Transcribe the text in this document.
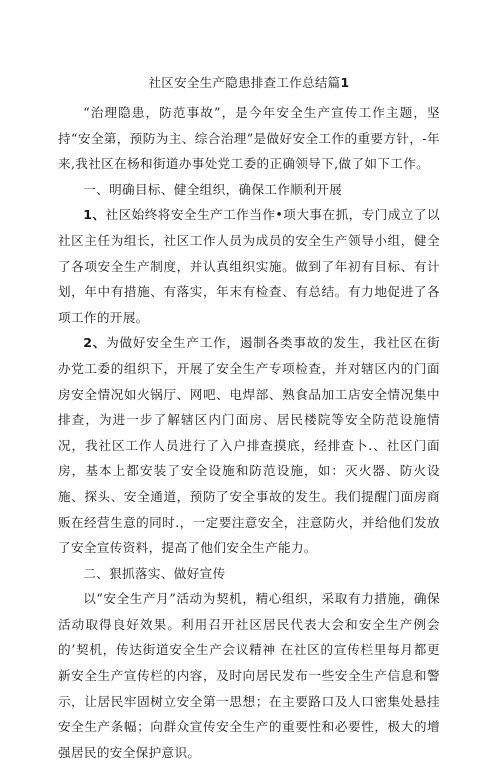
社区安全生产隐患排查工作总结篇1

“治理隐患，防范事故”，是今年安全生产宣传工作主题，坚持“安全第，预防为主、综合治理”是做好安全工作的重要方针，-年来,我社区在杨和街道办事处党工委的正确领导下,做了如下工作。

一、明确目标、健全组织，确保工作顺利开展

1、社区始终将安全生产工作当作•项大事在抓，专门成立了以社区主任为组长，社区工作人员为成员的安全生产领导小组，健全了各项安全生产制度，并认真组织实施。做到了年初有目标、有计划，年中有措施、有落实，年末有检查、有总结。有力地促进了各项工作的开展。

2、为做好安全生产工作，遏制各类事故的发生，我社区在街办党工委的组织下，开展了安全生产专项检查，并对辖区内的门面房安全情况如火锅厅、网吧、电焊部、熟食品加工店安全情况集中排查，为进一步了解辖区内门面房、居民楼院等安全防范设施情况，我社区工作人员进行了入户排查摸底，经排查卜.、社区门面房，基本上都安装了安全设施和防范设施，如：灭火器、防火设施、探头、安全通道，预防了安全事故的发生。我们提醒门面房商贩在经营生意的同时.，一定要注意安全，注意防火，并给他们发放了安全宣传资料，提高了他们安全生产能力。

二、狠抓落实、做好宣传

以“安全生产月”活动为契机，精心组织，采取有力措施，确保活动取得良好效果。利用召开社区居民代表大会和安全生产例会的’契机，传达街道安全生产会议精神 在社区的宣传栏里每月都更新安全生产宣传栏的内容，及时向居民发布一些安全生产信息和警示，让居民牢固树立安全第一思想；在主要路口及人口密集处悬挂安全生产条幅；向群众宣传安全生产的重要性和必要性，极大的增强居民的安全保护意识。
